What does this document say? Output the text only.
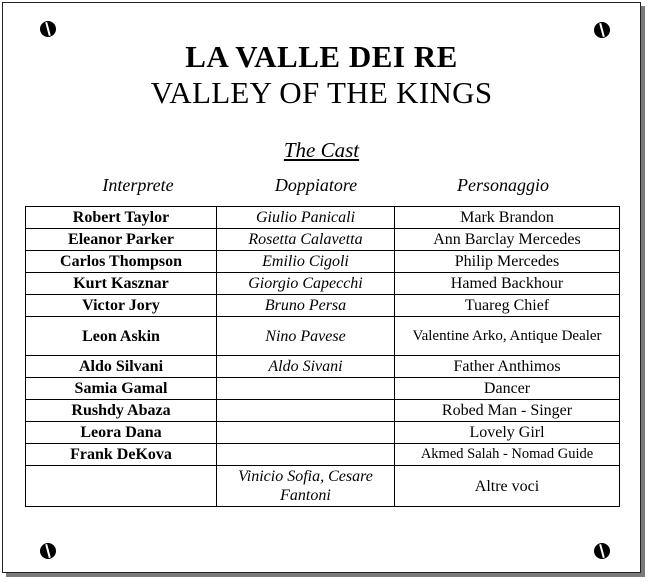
LA VALLE DEI RE
VALLEY OF THE KINGS
The Cast
Interprete	Doppiatore	Personaggio
Robert Taylor	Giulio Panicali	Mark Brandon
Eleanor Parker	Rosetta Calavetta	Ann Barclay Mercedes
Carlos Thompson	Emilio Cigoli	Philip Mercedes
Kurt Kasznar	Giorgio Capecchi	Hamed Backhour
Victor Jory	Bruno Persa	Tuareg Chief
Leon Askin	Nino Pavese	Valentine Arko, Antique Dealer
Aldo Silvani	Aldo Sivani	Father Anthimos
Samia Gamal		Dancer
Rushdy Abaza		Robed Man - Singer
Leora Dana		Lovely Girl
Frank DeKova		Akmed Salah - Nomad Guide
	Vinicio Sofia, Cesare Fantoni	Altre voci
